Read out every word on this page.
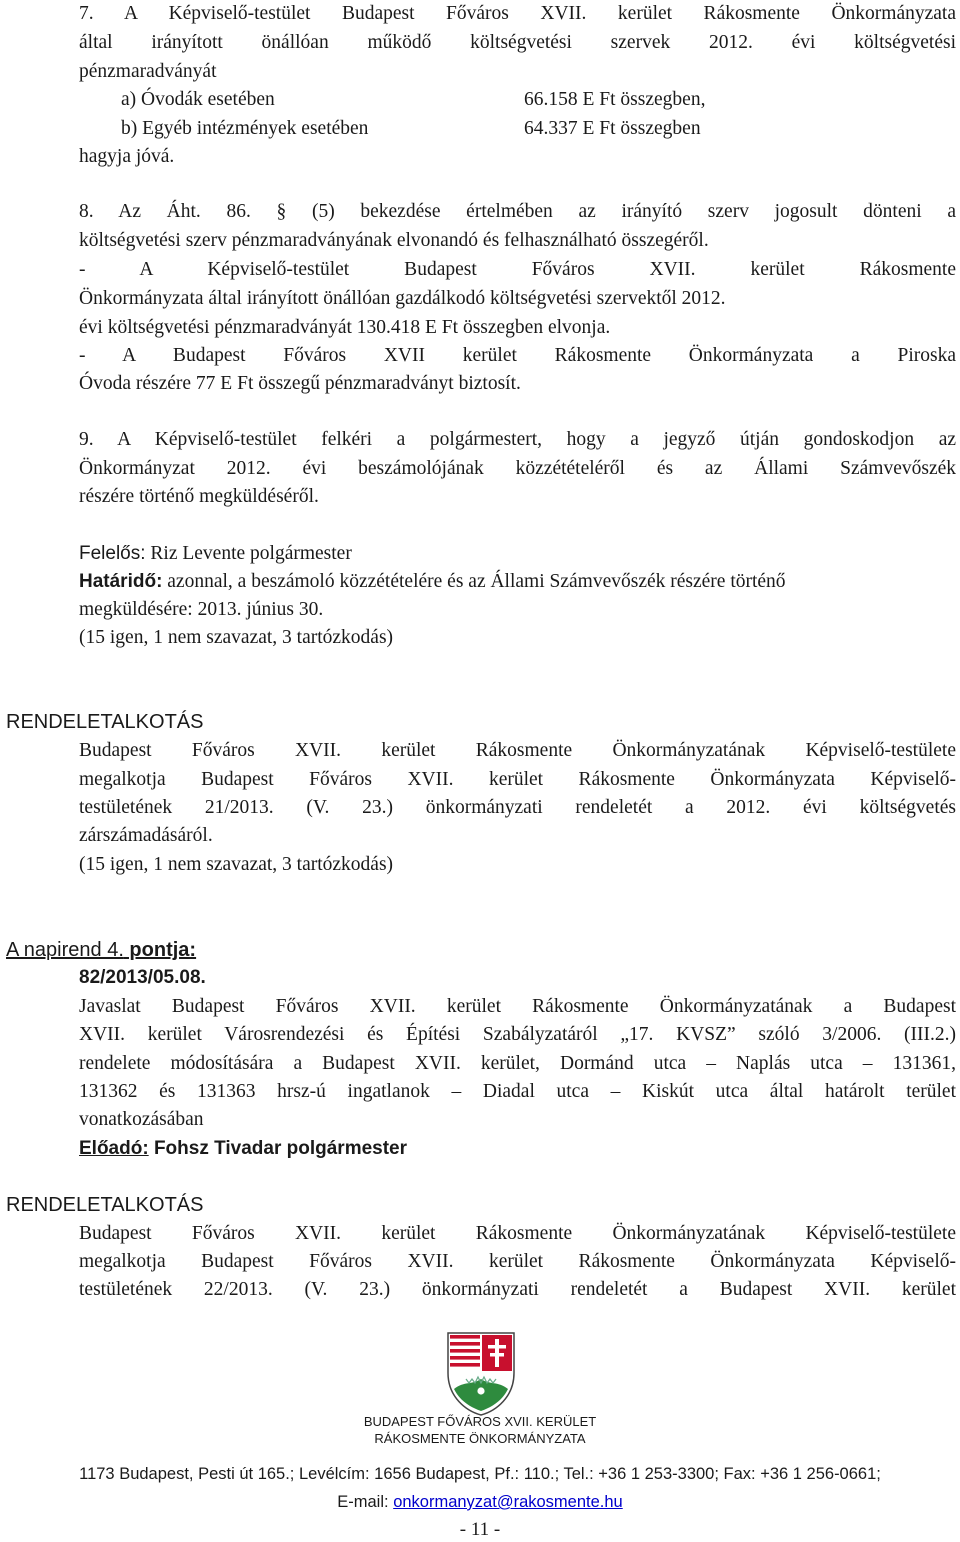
7. A Képviselő-testület Budapest Főváros XVII. kerület Rákosmente Önkormányzata
által irányított önállóan működő költségvetési szervek 2012. évi költségvetési
pénzmaradványát
a) Óvodák esetében	66.158 E Ft összegben,
b) Egyéb intézmények esetében	64.337 E Ft összegben
hagyja jóvá.
8. Az Áht. 86. § (5) bekezdése értelmében az irányító szerv jogosult dönteni a
költségvetési szerv pénzmaradványának elvonandó és felhasználható összegéről.
- A Képviselő-testület Budapest Főváros XVII. kerület Rákosmente
Önkormányzata által irányított önállóan gazdálkodó költségvetési szervektől 2012.
évi költségvetési pénzmaradványát 130.418 E Ft összegben elvonja.
- A Budapest Főváros XVII kerület Rákosmente Önkormányzata a Piroska
Óvoda részére 77 E Ft összegű pénzmaradványt biztosít.
9. A Képviselő-testület felkéri a polgármestert, hogy a jegyző útján gondoskodjon az
Önkormányzat 2012. évi beszámolójának közzétételéről és az Állami Számvevőszék
részére történő megküldéséről.
Felelős: Riz Levente polgármester
Határidő: azonnal, a beszámoló közzétételére és az Állami Számvevőszék részére történő
megküldésére: 2013. június 30.
(15 igen, 1 nem szavazat, 3 tartózkodás)
RENDELETALKOTÁS
Budapest Főváros XVII. kerület Rákosmente Önkormányzatának Képviselő-testülete
megalkotja Budapest Főváros XVII. kerület Rákosmente Önkormányzata Képviselő-
testületének 21/2013. (V. 23.) önkormányzati rendeletét a 2012. évi költségvetés
zárszámadásáról.
(15 igen, 1 nem szavazat, 3 tartózkodás)
A napirend 4. pontja:
82/2013/05.08.
Javaslat Budapest Főváros XVII. kerület Rákosmente Önkormányzatának a Budapest
XVII. kerület Városrendezési és Építési Szabályzatáról „17. KVSZ” szóló 3/2006. (III.2.)
rendelete módosítására a Budapest XVII. kerület, Dormánd utca – Naplás utca – 131361,
131362 és 131363 hrsz-ú ingatlanok – Diadal utca – Kiskút utca által határolt terület
vonatkozásában
Előadó: Fohsz Tivadar polgármester
RENDELETALKOTÁS
Budapest Főváros XVII. kerület Rákosmente Önkormányzatának Képviselő-testülete
megalkotja Budapest Főváros XVII. kerület Rákosmente Önkormányzata Képviselő-
testületének 22/2013. (V. 23.) önkormányzati rendeletét a Budapest XVII. kerület
BUDAPEST FŐVÁROS XVII. KERÜLET
RÁKOSMENTE ÖNKORMÁNYZATA
1173 Budapest, Pesti út 165.; Levélcím: 1656 Budapest, Pf.: 110.; Tel.: +36 1 253-3300; Fax: +36 1 256-0661;
E-mail: onkormanyzat@rakosmente.hu
- 11 -
